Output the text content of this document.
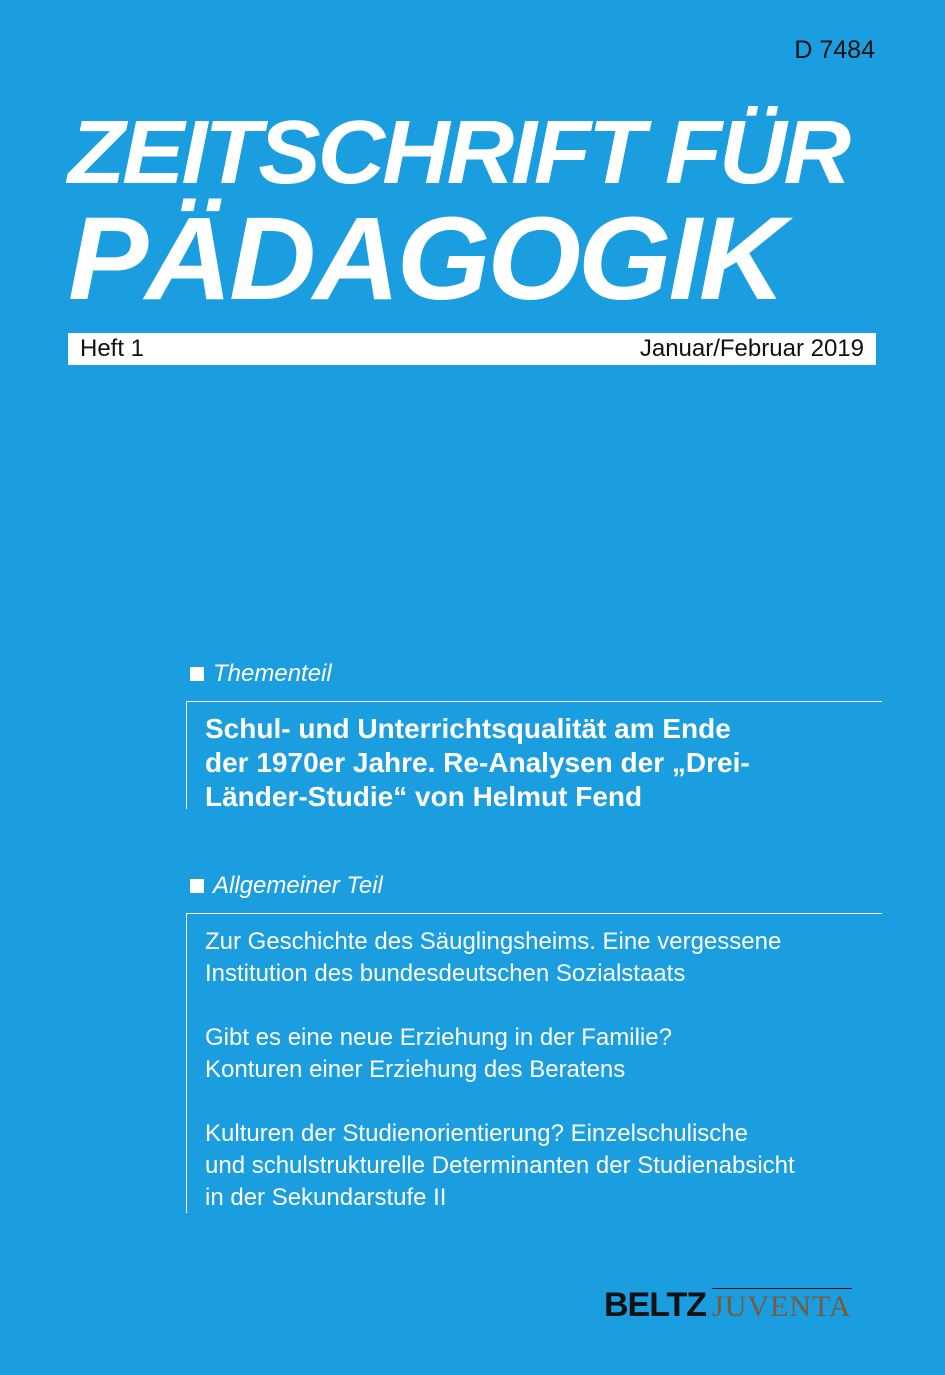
D 7484
ZEITSCHRIFT FÜR
PÄDAGOGIK
Heft 1	Januar/Februar 2019
Thementeil

Schul- und Unterrichtsqualität am Ende
der 1970er Jahre. Re-Analysen der „Drei-
Länder-Studie“ von Helmut Fend

Allgemeiner Teil

Zur Geschichte des Säuglingsheims. Eine vergessene
Institution des bundesdeutschen Sozialstaats

Gibt es eine neue Erziehung in der Familie?
Konturen einer Erziehung des Beratens

Kulturen der Studienorientierung? Einzelschulische
und schulstrukturelle Determinanten der Studienabsicht
in der Sekundarstufe II

BELTZ JUVENTA
